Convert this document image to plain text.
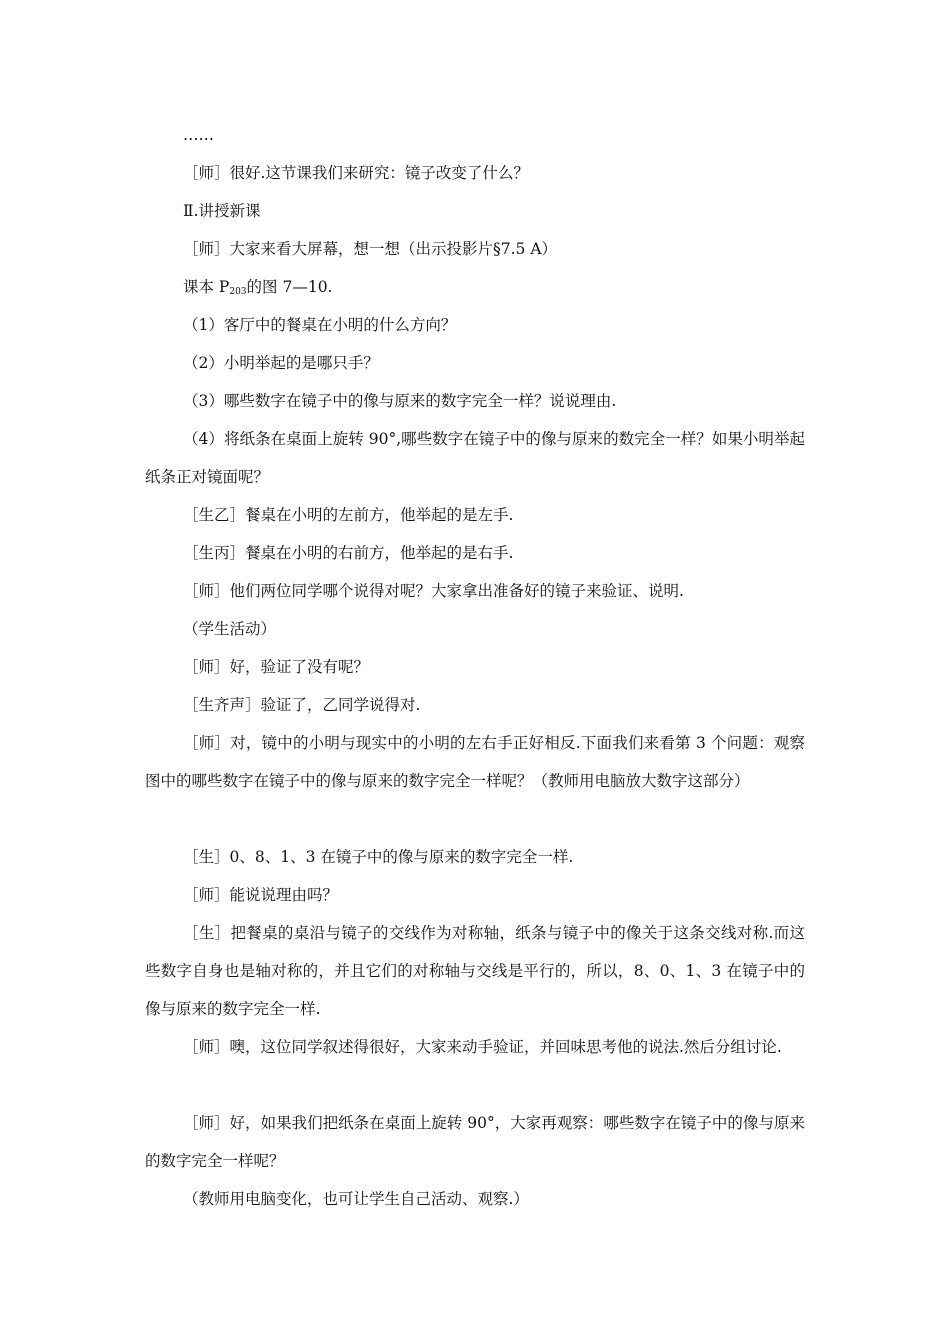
……
［师］很好.这节课我们来研究：镜子改变了什么？
Ⅱ.讲授新课
［师］大家来看大屏幕，想一想（出示投影片§7.5 A）
课本 $P_{203}$的图 7—10.
（1）客厅中的餐桌在小明的什么方向？
（2）小明举起的是哪只手？
（3）哪些数字在镜子中的像与原来的数字完全一样？说说理由.
（4）将纸条在桌面上旋转 90°,哪些数字在镜子中的像与原来的数完全一样？如果小明举起纸条正对镜面呢？
［生乙］餐桌在小明的左前方，他举起的是左手.
［生丙］餐桌在小明的右前方，他举起的是右手.
［师］他们两位同学哪个说得对呢？大家拿出准备好的镜子来验证、说明.
（学生活动）
［师］好，验证了没有呢？
［生齐声］验证了，乙同学说得对.
［师］对，镜中的小明与现实中的小明的左右手正好相反.下面我们来看第 3 个问题：观察图中的哪些数字在镜子中的像与原来的数字完全一样呢？（教师用电脑放大数字这部分）
［生］0、8、1、3 在镜子中的像与原来的数字完全一样.
［师］能说说理由吗？
［生］把餐桌的桌沿与镜子的交线作为对称轴，纸条与镜子中的像关于这条交线对称.而这些数字自身也是轴对称的，并且它们的对称轴与交线是平行的，所以，8、0、1、3 在镜子中的像与原来的数字完全一样.
［师］噢，这位同学叙述得很好，大家来动手验证，并回味思考他的说法.然后分组讨论.
［师］好，如果我们把纸条在桌面上旋转 90°，大家再观察：哪些数字在镜子中的像与原来的数字完全一样呢？
（教师用电脑变化，也可让学生自己活动、观察.）
